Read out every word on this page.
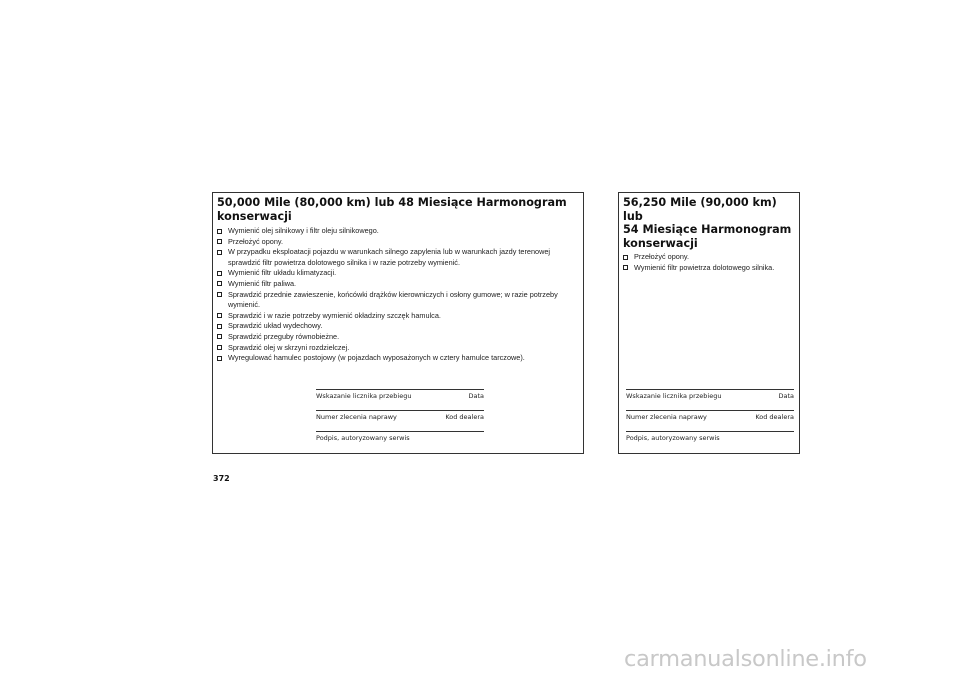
50,000 Mile (80,000 km) lub 48 Miesiące Harmonogram konserwacji
Wymienić olej silnikowy i filtr oleju silnikowego.
Przełożyć opony.
W przypadku eksploatacji pojazdu w warunkach silnego zapylenia lub w warunkach jazdy terenowej sprawdzić filtr powietrza dolotowego silnika i w razie potrzeby wymienić.
Wymienić filtr układu klimatyzacji.
Wymienić filtr paliwa.
Sprawdzić przednie zawieszenie, końcówki drążków kierowniczych i osłony gumowe; w razie potrzeby wymienić.
Sprawdzić i w razie potrzeby wymienić okładziny szczęk hamulca.
Sprawdzić układ wydechowy.
Sprawdzić przeguby równobieżne.
Sprawdzić olej w skrzyni rozdzielczej.
Wyregulować hamulec postojowy (w pojazdach wyposażonych w cztery hamulce tarczowe).
Wskazanie licznika przebiegu	Data
Numer zlecenia naprawy	Kod dealera
Podpis, autoryzowany serwis
56,250 Mile (90,000 km) lub
54 Miesiące Harmonogram
konserwacji
Przełożyć opony.
Wymienić filtr powietrza dolotowego silnika.
Wskazanie licznika przebiegu	Data
Numer zlecenia naprawy	Kod dealera
Podpis, autoryzowany serwis
372
carmanualsonline.info
